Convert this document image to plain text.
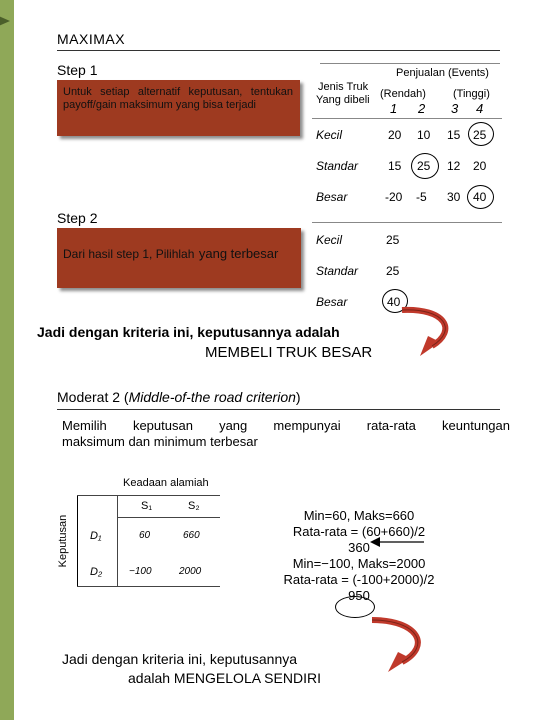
MAXIMAX
Step 1

Untuk setiap alternatif keputusan, tentukan payoff/gain maksimum yang bisa terjadi

Penjualan (Events)
Jenis Truk
Yang dibeli (Rendah) (Tinggi)
1 2 3 4
Kecil	20 10 15 25
Standar 15 25 12 20
Besar	-20 -5 30 40
Step 2

Dari hasil step 1, Pilihlah yang terbesar

Kecil	25
Standar 25
Besar	40
Jadi dengan kriteria ini, keputusannya adalah
MEMBELI TRUK BESAR
Moderat 2 (Middle-of-the road criterion)
Memilih keputusan yang mempunyai rata-rata keuntungan
maksimum dan minimum terbesar
Keadaan alamiah
Keputusan
S₁	S₂
D₁	60	660
D₂	−100	2000
Min=60, Maks=660
Rata-rata = (60+660)/2
360
Min=−100, Maks=2000
Rata-rata = (-100+2000)/2
950
Jadi dengan kriteria ini, keputusannya
adalah MENGELOLA SENDIRI
